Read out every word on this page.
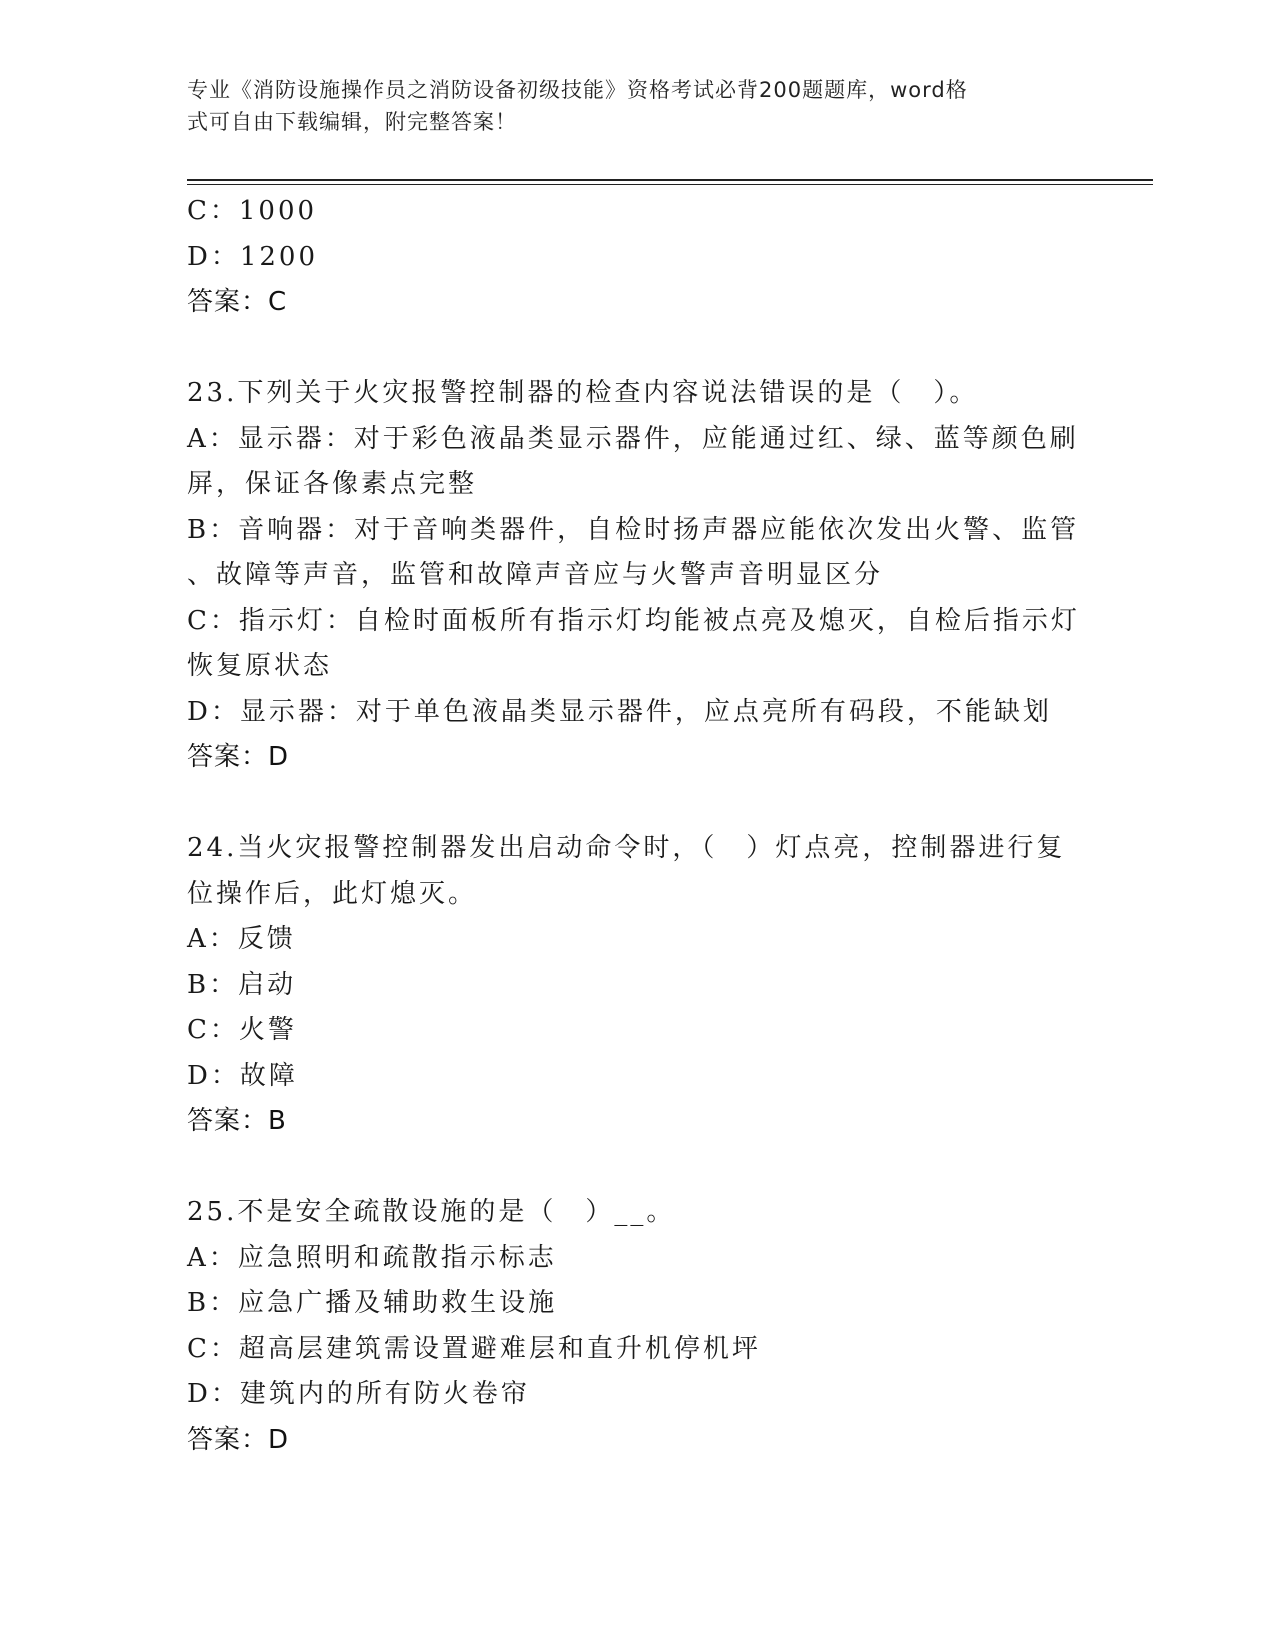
专业《消防设施操作员之消防设备初级技能》资格考试必背200题题库，word格
式可自由下载编辑，附完整答案！
C：1000
D：1200
答案：C
23.下列关于火灾报警控制器的检查内容说法错误的是（　）。
A：显示器：对于彩色液晶类显示器件，应能通过红、绿、蓝等颜色刷
屏，保证各像素点完整
B：音响器：对于音响类器件，自检时扬声器应能依次发出火警、监管
、故障等声音，监管和故障声音应与火警声音明显区分
C：指示灯：自检时面板所有指示灯均能被点亮及熄灭，自检后指示灯
恢复原状态
D：显示器：对于单色液晶类显示器件，应点亮所有码段，不能缺划
答案：D
24.当火灾报警控制器发出启动命令时，（　）灯点亮，控制器进行复
位操作后，此灯熄灭。
A：反馈
B：启动
C：火警
D：故障
答案：B
25.不是安全疏散设施的是（　）__。
A：应急照明和疏散指示标志
B：应急广播及辅助救生设施
C：超高层建筑需设置避难层和直升机停机坪
D：建筑内的所有防火卷帘
答案：D
